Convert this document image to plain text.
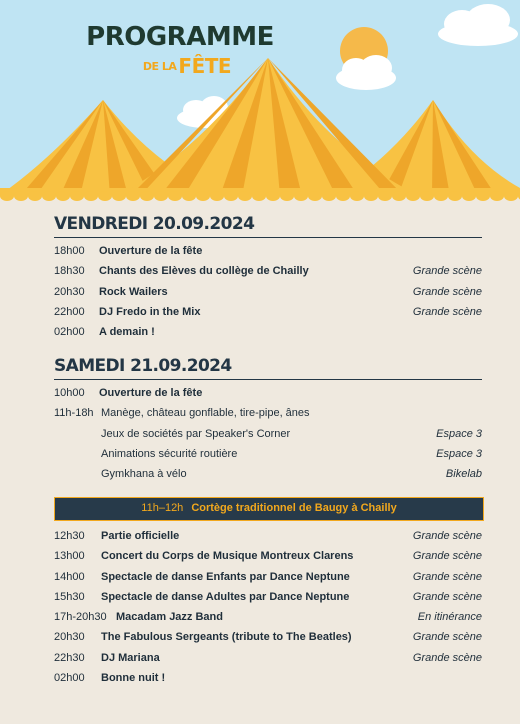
PROGRAMME
DE LA FÊTE
VENDREDI 20.09.2024
18h00 Ouverture de la fête
18h30 Chants des Elèves du collège de Chailly	Grande scène
20h30 Rock Wailers	Grande scène
22h00 DJ Fredo in the Mix	Grande scène
02h00 A demain !
SAMEDI 21.09.2024
10h00 Ouverture de la fête
11h-18h Manège, château gonflable, tire-pipe, ânes
Jeux de sociétés par Speaker's Corner	Espace 3
Animations sécurité routière	Espace 3
Gymkhana à vélo	Bikelab
11h–12h Cortège traditionnel de Baugy à Chailly
12h30 Partie officielle	Grande scène
13h00 Concert du Corps de Musique Montreux Clarens	Grande scène
14h00 Spectacle de danse Enfants par Dance Neptune	Grande scène
15h30 Spectacle de danse Adultes par Dance Neptune	Grande scène
17h-20h30 Macadam Jazz Band	En itinérance
20h30 The Fabulous Sergeants (tribute to The Beatles)	Grande scène
22h30 DJ Mariana	Grande scène
02h00 Bonne nuit !
